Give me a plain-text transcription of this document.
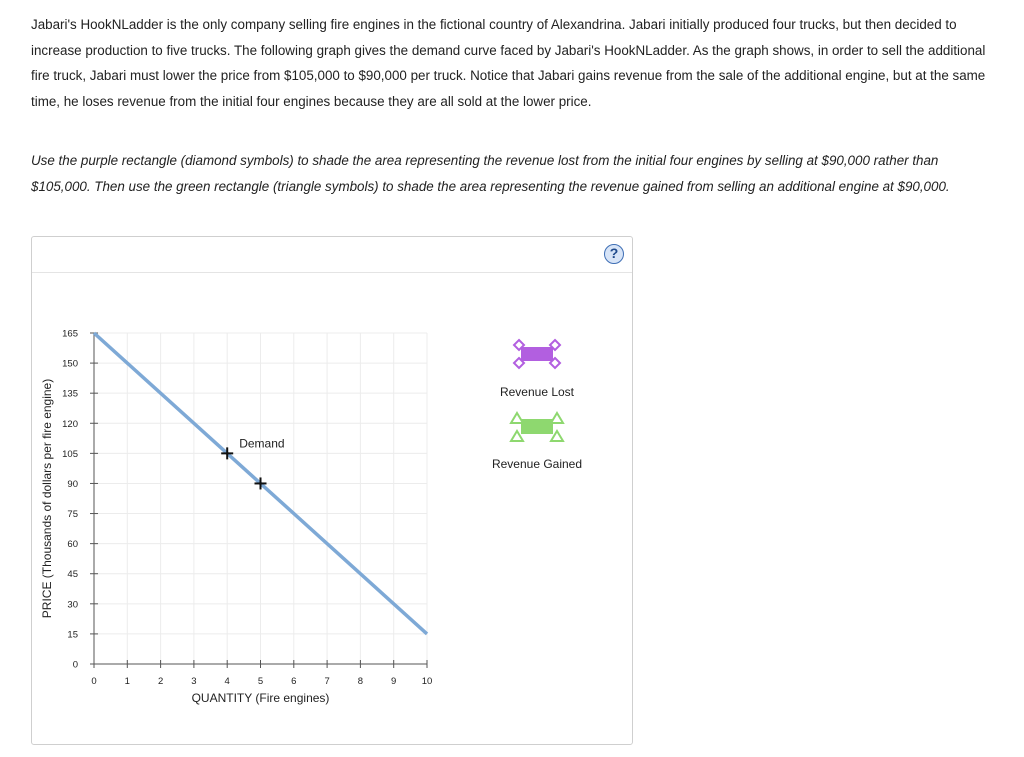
Jabari's HookNLadder is the only company selling fire engines in the fictional country of Alexandrina. Jabari initially produced four trucks, but then decided to increase production to five trucks. The following graph gives the demand curve faced by Jabari's HookNLadder. As the graph shows, in order to sell the additional fire truck, Jabari must lower the price from $105,000 to $90,000 per truck. Notice that Jabari gains revenue from the sale of the additional engine, but at the same time, he loses revenue from the initial four engines because they are all sold at the lower price.

Use the purple rectangle (diamond symbols) to shade the area representing the revenue lost from the initial four engines by selling at $90,000 rather than $105,000. Then use the green rectangle (triangle symbols) to shade the area representing the revenue gained from selling an additional engine at $90,000.

?
0	1	2	3	4	5	6	7	8	9	10
0
15
30
45
60
75
90
105
120
135
150
165
PRICE (Thousands of dollars per fire engine)
QUANTITY (Fire engines)
Demand
Revenue Lost
Revenue Gained
